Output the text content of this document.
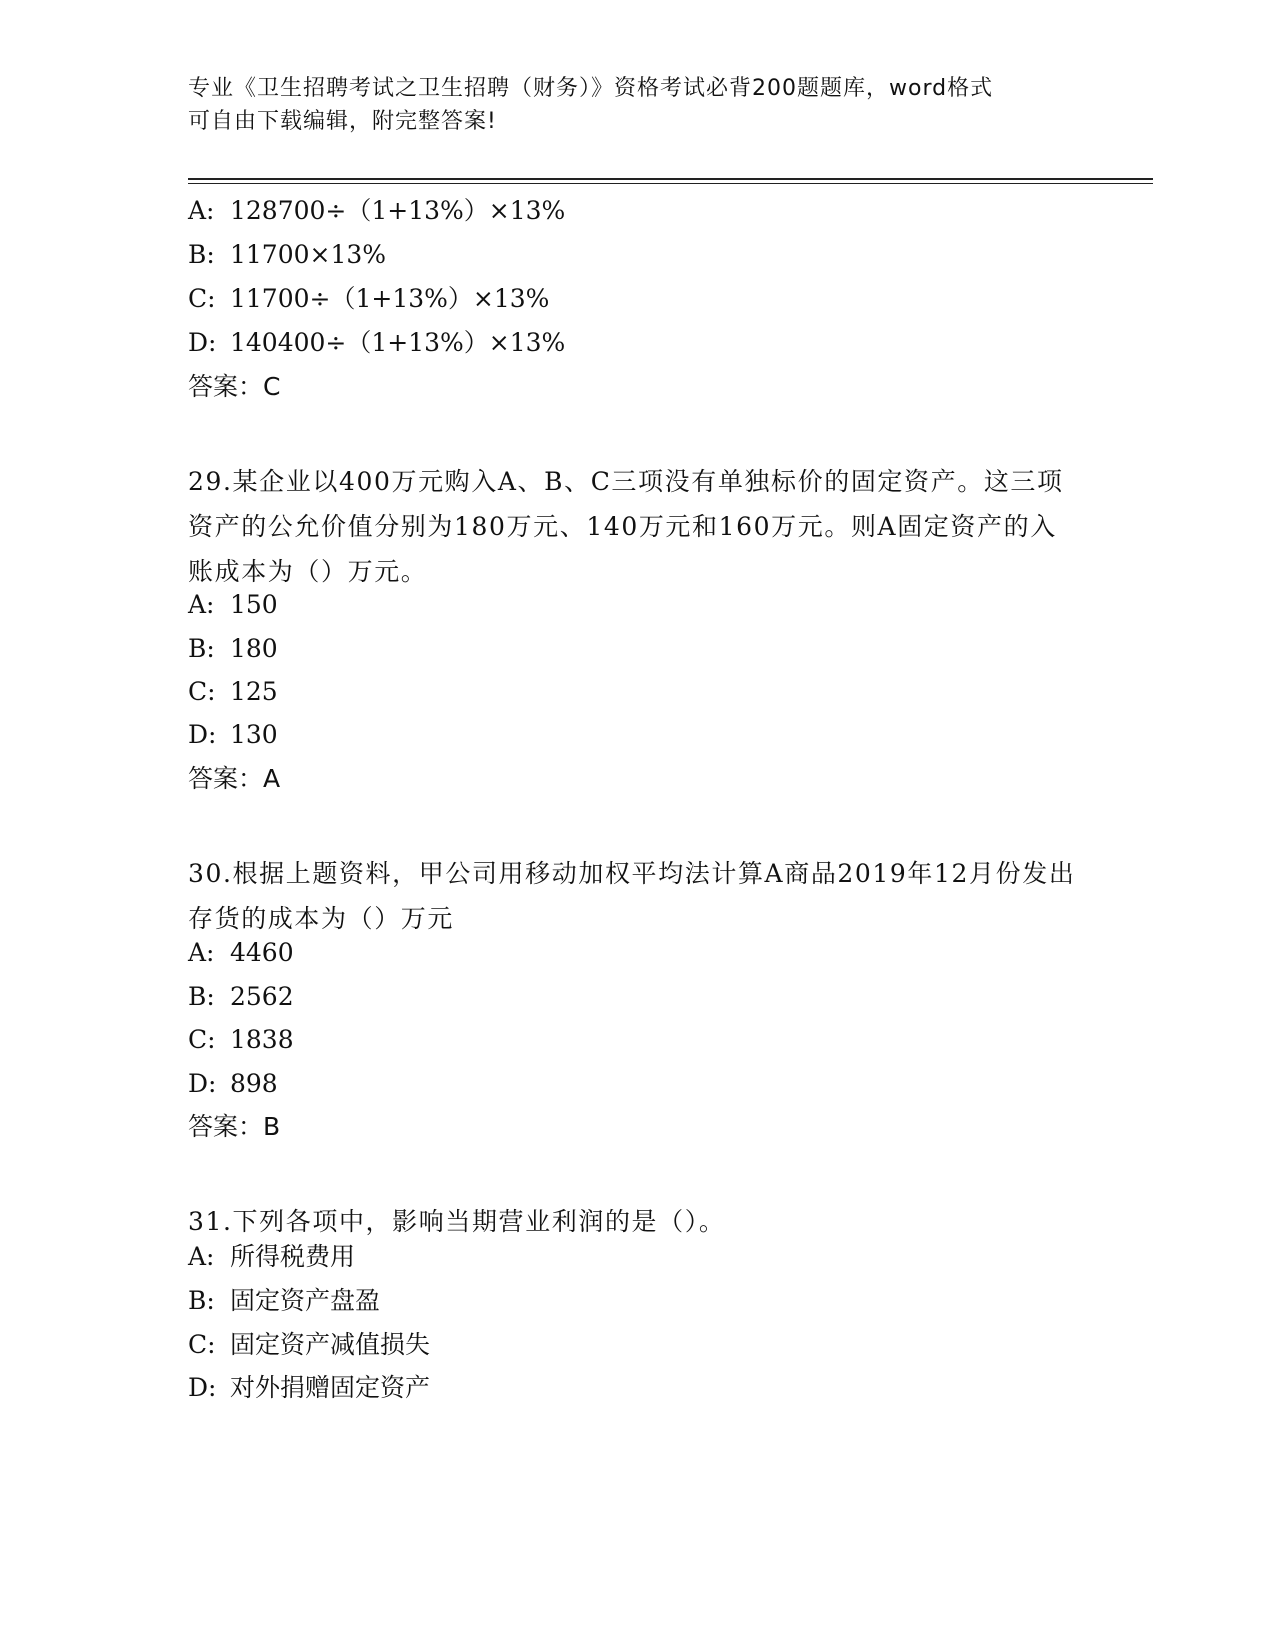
专业《卫生招聘考试之卫生招聘（财务）》资格考试必背200题题库，word格式
可自由下载编辑，附完整答案!
A: 128700÷（1+13%）×13%
B: 11700×13%
C: 11700÷（1+13%）×13%
D: 140400÷（1+13%）×13%
答案：C
29.某企业以400万元购入A、B、C三项没有单独标价的固定资产。这三项资产的公允价值分别为180万元、140万元和160万元。则A固定资产的入账成本为（）万元。
A: 150
B: 180
C: 125
D: 130
答案：A
30.根据上题资料，甲公司用移动加权平均法计算A商品2019年12月份发出存货的成本为（）万元
A: 4460
B: 2562
C: 1838
D: 898
答案：B
31.下列各项中，影响当期营业利润的是（）。
A: 所得税费用
B: 固定资产盘盈
C: 固定资产减值损失
D: 对外捐赠固定资产
